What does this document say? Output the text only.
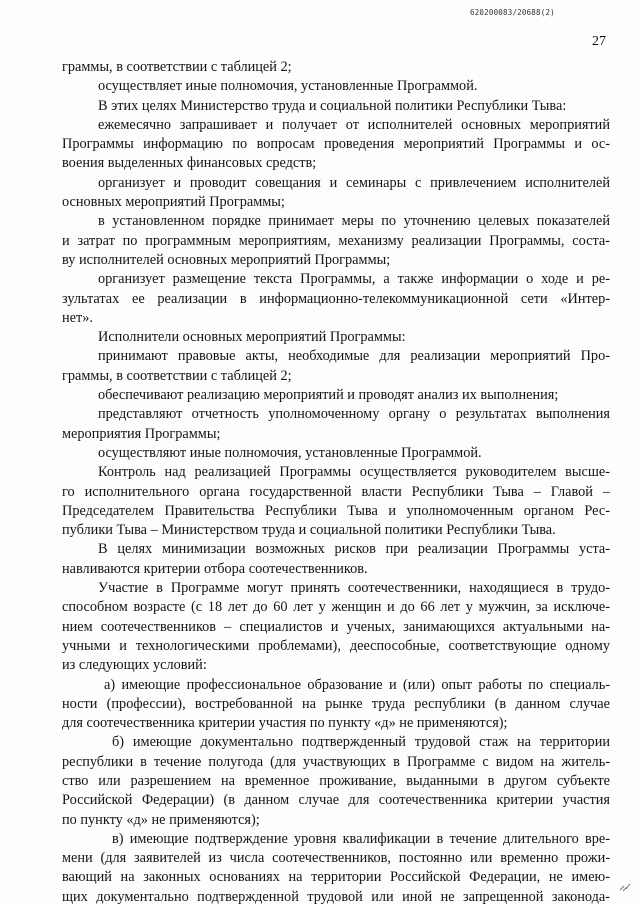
620200083/20688(2)
27
граммы, в соответствии с таблицей 2;
осуществляет иные полномочия, установленные Программой.
В этих целях Министерство труда и социальной политики Республики Тыва:
ежемесячно запрашивает и получает от исполнителей основных мероприятий
Программы информацию по вопросам проведения мероприятий Программы и ос-
воения выделенных финансовых средств;
организует и проводит совещания и семинары с привлечением исполнителей
основных мероприятий Программы;
в установленном порядке принимает меры по уточнению целевых показателей
и затрат по программным мероприятиям, механизму реализации Программы, соста-
ву исполнителей основных мероприятий Программы;
организует размещение текста Программы, а также информации о ходе и ре-
зультатах ее реализации в информационно-телекоммуникационной сети «Интер-
нет».
Исполнители основных мероприятий Программы:
принимают правовые акты, необходимые для реализации мероприятий Про-
граммы, в соответствии с таблицей 2;
обеспечивают реализацию мероприятий и проводят анализ их выполнения;
представляют отчетность уполномоченному органу о результатах выполнения
мероприятия Программы;
осуществляют иные полномочия, установленные Программой.
Контроль над реализацией Программы осуществляется руководителем высше-
го исполнительного органа государственной власти Республики Тыва – Главой –
Председателем Правительства Республики Тыва и уполномоченным органом Рес-
публики Тыва – Министерством труда и социальной политики Республики Тыва.
В целях минимизации возможных рисков при реализации Программы уста-
навливаются критерии отбора соотечественников.
Участие в Программе могут принять соотечественники, находящиеся в трудо-
способном возрасте (с 18 лет до 60 лет у женщин и до 66 лет у мужчин, за исключе-
нием соотечественников – специалистов и ученых, занимающихся актуальными на-
учными и технологическими проблемами), дееспособные, соответствующие одному
из следующих условий:
а) имеющие профессиональное образование и (или) опыт работы по специаль-
ности (профессии), востребованной на рынке труда республики (в данном случае
для соотечественника критерии участия по пункту «д» не применяются);
б) имеющие документально подтвержденный трудовой стаж на территории
республики в течение полугода (для участвующих в Программе с видом на житель-
ство или разрешением на временное проживание, выданными в другом субъекте
Российской Федерации) (в данном случае для соотечественника критерии участия
по пункту «д» не применяются);
в) имеющие подтверждение уровня квалификации в течение длительного вре-
мени (для заявителей из числа соотечественников, постоянно или временно прожи-
вающий на законных основаниях на территории Российской Федерации, не имею-
щих документально подтвержденной трудовой или иной не запрещенной законода-
